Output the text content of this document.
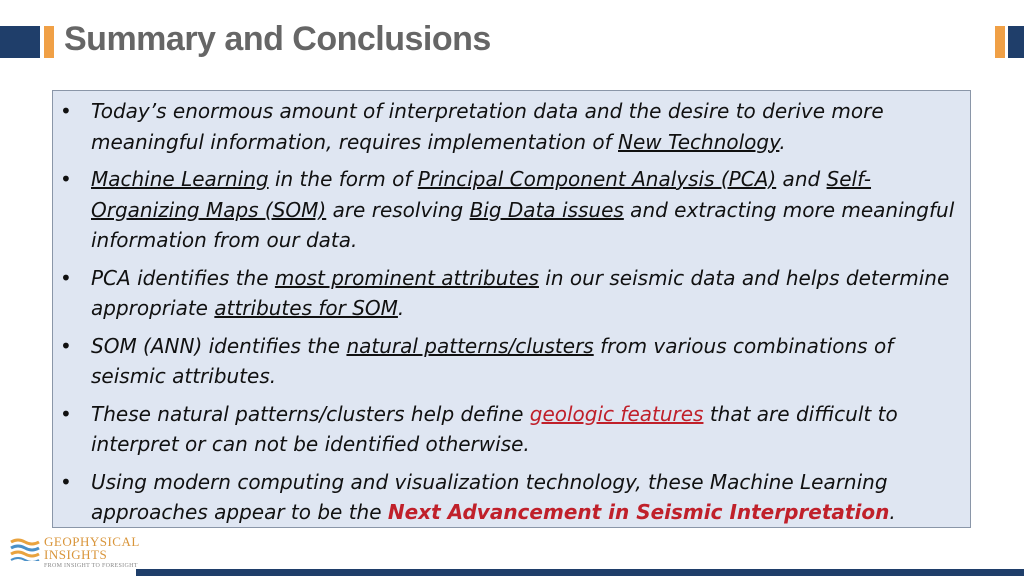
Summary and Conclusions
• Today’s enormous amount of interpretation data and the desire to derive more meaningful information, requires implementation of New Technology.
• Machine Learning in the form of Principal Component Analysis (PCA) and Self-Organizing Maps (SOM) are resolving Big Data issues and extracting more meaningful information from our data.
• PCA identifies the most prominent attributes in our seismic data and helps determine appropriate attributes for SOM.
• SOM (ANN) identifies the natural patterns/clusters from various combinations of seismic attributes.
• These natural patterns/clusters help define geologic features that are difficult to interpret or can not be identified otherwise.
• Using modern computing and visualization technology, these Machine Learning approaches appear to be the Next Advancement in Seismic Interpretation.
GEOPHYSICAL
INSIGHTS
FROM INSIGHT TO FORESIGHT
